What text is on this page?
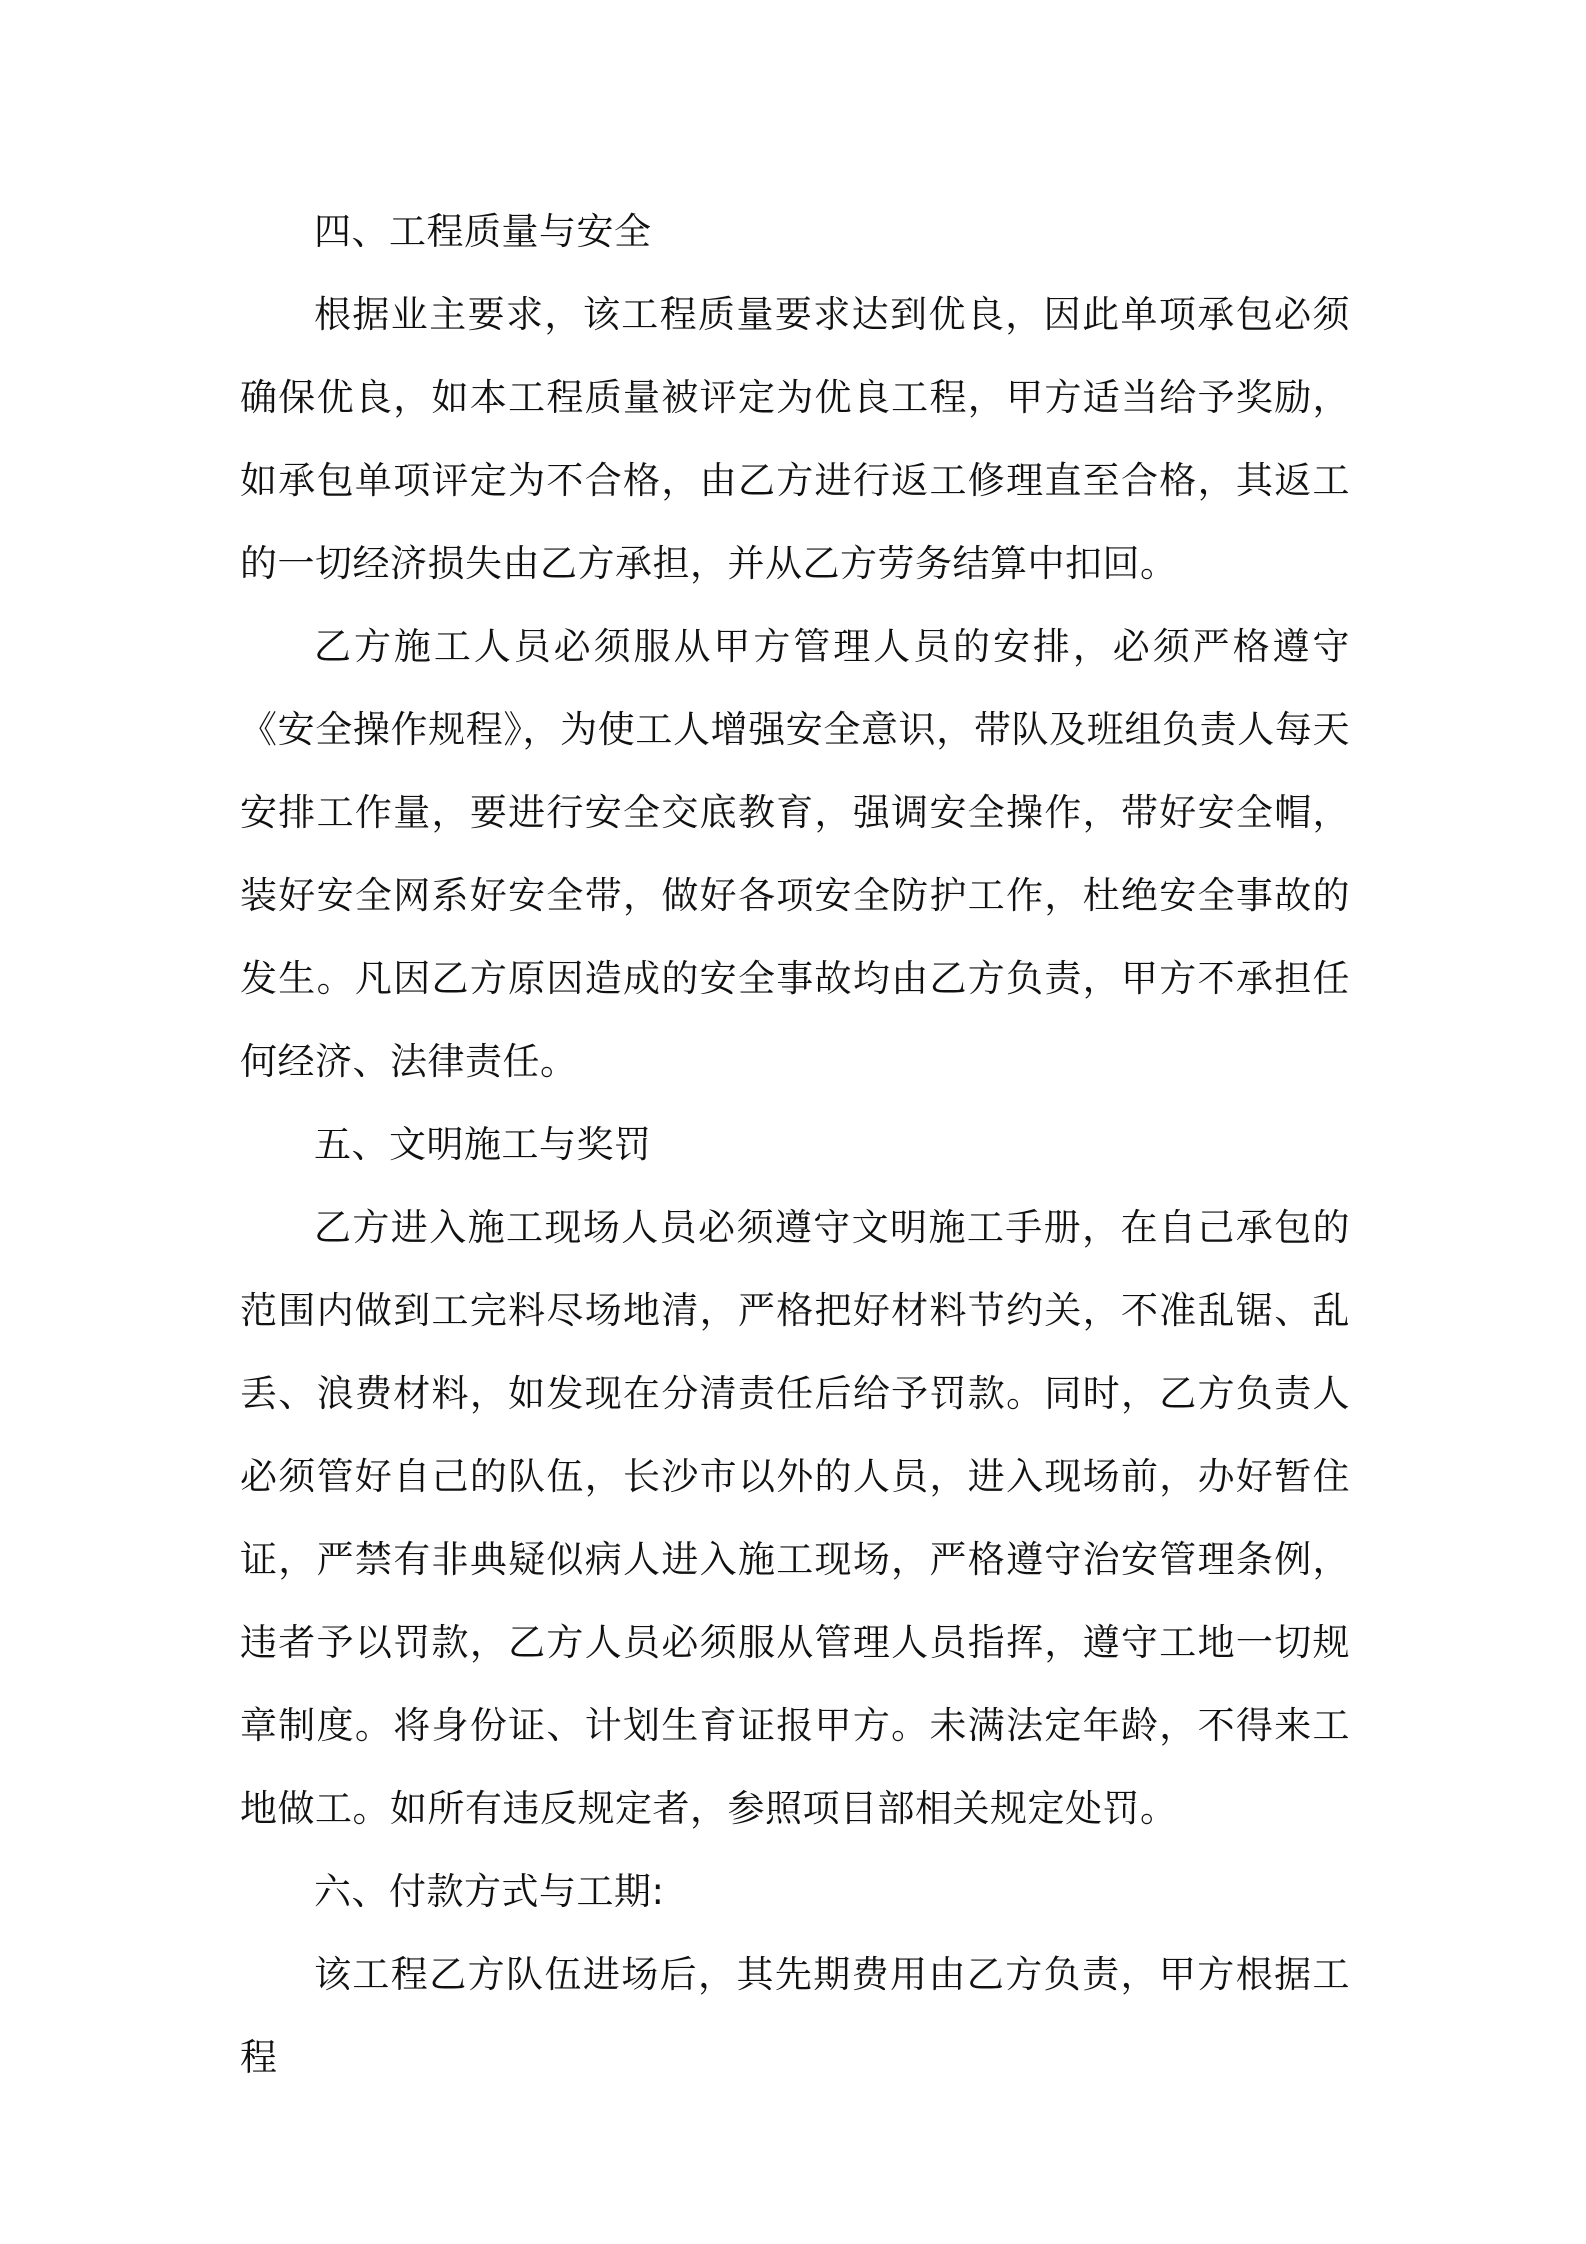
四、工程质量与安全

根据业主要求，该工程质量要求达到优良，因此单项承包必须确保优良，如本工程质量被评定为优良工程，甲方适当给予奖励，如承包单项评定为不合格，由乙方进行返工修理直至合格，其返工的一切经济损失由乙方承担，并从乙方劳务结算中扣回。

乙方施工人员必须服从甲方管理人员的安排，必须严格遵守《安全操作规程》，为使工人增强安全意识，带队及班组负责人每天安排工作量，要进行安全交底教育，强调安全操作，带好安全帽，装好安全网系好安全带，做好各项安全防护工作，杜绝安全事故的发生。凡因乙方原因造成的安全事故均由乙方负责，甲方不承担任何经济、法律责任。

五、文明施工与奖罚

乙方进入施工现场人员必须遵守文明施工手册，在自己承包的范围内做到工完料尽场地清，严格把好材料节约关，不准乱锯、乱丢、浪费材料，如发现在分清责任后给予罚款。同时，乙方负责人必须管好自己的队伍，长沙市以外的人员，进入现场前，办好暂住证，严禁有非典疑似病人进入施工现场，严格遵守治安管理条例，违者予以罚款，乙方人员必须服从管理人员指挥，遵守工地一切规章制度。将身份证、计划生育证报甲方。未满法定年龄，不得来工地做工。如所有违反规定者，参照项目部相关规定处罚。

六、付款方式与工期:

该工程乙方队伍进场后，其先期费用由乙方负责，甲方根据工程
